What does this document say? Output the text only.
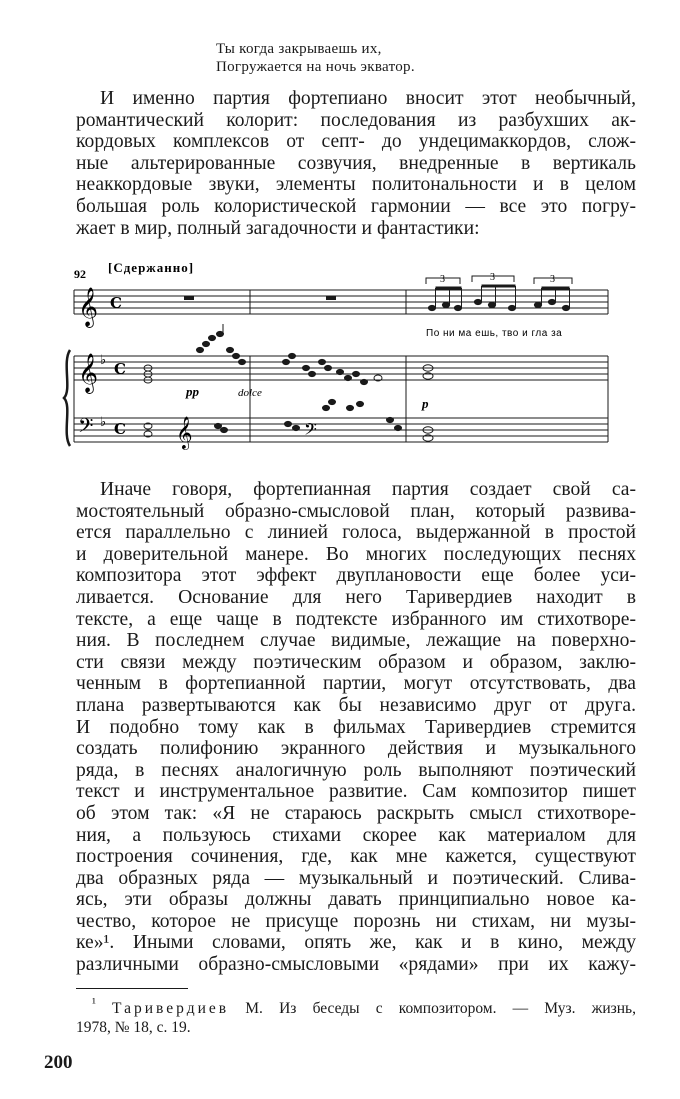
Ты когда закрываешь их,
Погружается на ночь экватор.
И именно партия фортепиано вносит этот необычный,
романтический колорит: последования из разбухших ак-
кордовых комплексов от септ- до ундецимаккордов, слож-
ные альтерированные созвучия, внедренные в вертикаль
неаккордовые звуки, элементы политональности и в целом
большая роль колористической гармонии — все это погру-
жает в мир, полный загадочности и фантастики:
92 [Сдержанно]
𝄞 C
3	3	3
По ни ма ешь, тво и гла за
𝄞 ♭ C
𝄢 ♭ C 𝄞	𝄢
pp	dolce
p
Иначе говоря, фортепианная партия создает свой са-
мостоятельный образно-смысловой план, который развива-
ется параллельно с линией голоса, выдержанной в простой
и доверительной манере. Во многих последующих песнях
композитора этот эффект двуплановости еще более уси-
ливается. Основание для него Таривердиев находит в
тексте, а еще чаще в подтексте избранного им стихотворе-
ния. В последнем случае видимые, лежащие на поверхно-
сти связи между поэтическим образом и образом, заклю-
ченным в фортепианной партии, могут отсутствовать, два
плана развертываются как бы независимо друг от друга.
И подобно тому как в фильмах Таривердиев стремится
создать полифонию экранного действия и музыкального
ряда, в песнях аналогичную роль выполняют поэтический
текст и инструментальное развитие. Сам композитор пишет
об этом так: «Я не стараюсь раскрыть смысл стихотворе-
ния, а пользуюсь стихами скорее как материалом для
построения сочинения, где, как мне кажется, существуют
два образных ряда — музыкальный и поэтический. Слива-
ясь, эти образы должны давать принципиально новое ка-
чество, которое не присуще порознь ни стихам, ни музы-
ке»¹. Иными словами, опять же, как и в кино, между
различными образно-смысловыми «рядами» при их кажу-
$^{^1}$ Таривердиев М. Из беседы с композитором. — Муз. жизнь,
1978, № 18, с. 19.
200
